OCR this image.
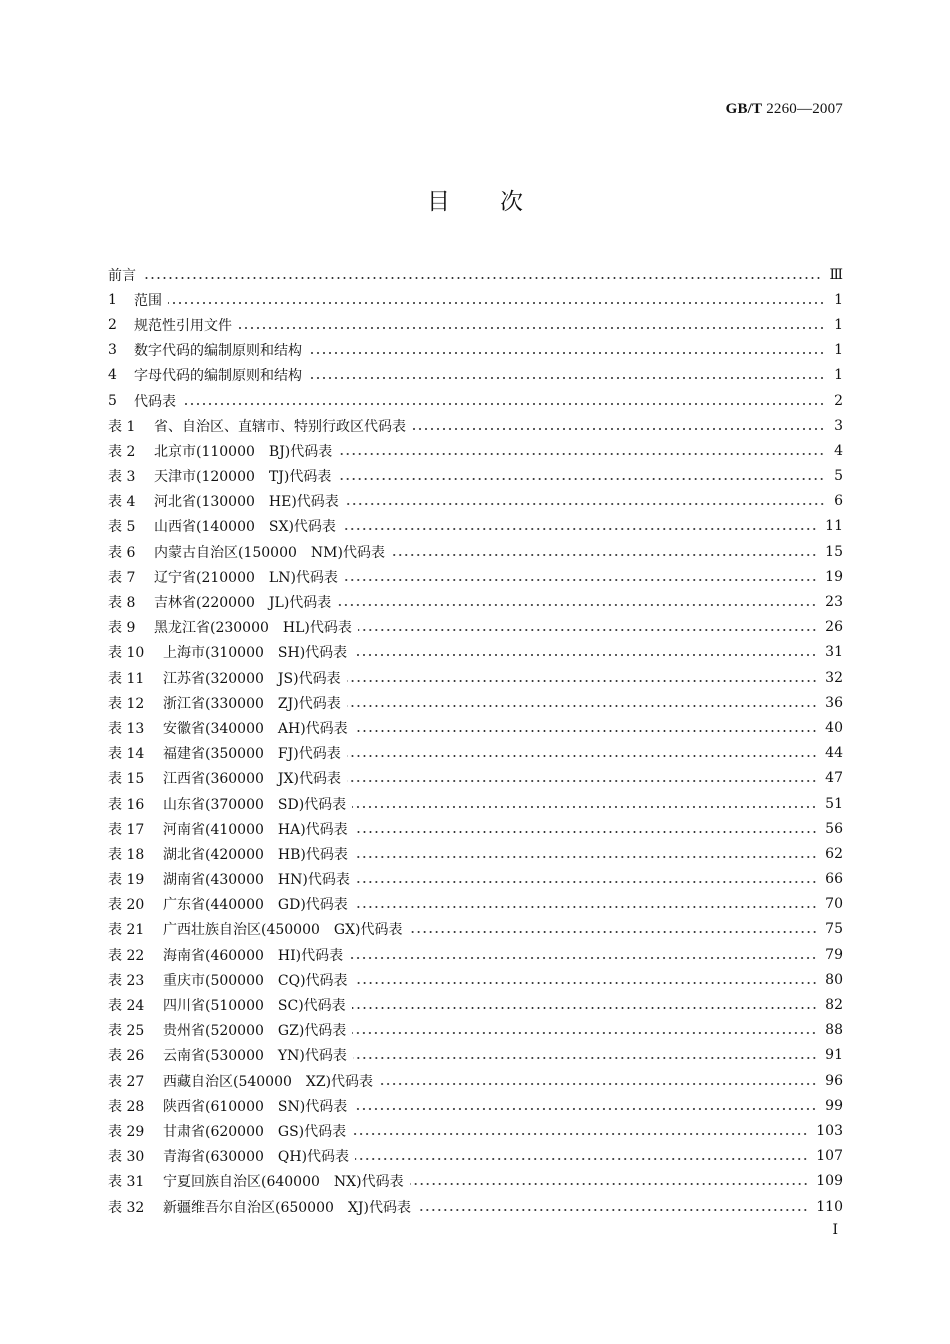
GB/T 2260—2007
目次
前言	Ⅲ
1	范围	1
2	规范性引用文件	1
3	数字代码的编制原则和结构	1
4	字母代码的编制原则和结构	1
5	代码表	2
表 1	省、自治区、直辖市、特别行政区代码表	3
表 2	北京市(110000　BJ)代码表	4
表 3	天津市(120000　TJ)代码表	5
表 4	河北省(130000　HE)代码表	6
表 5	山西省(140000　SX)代码表	11
表 6	内蒙古自治区(150000　NM)代码表	15
表 7	辽宁省(210000　LN)代码表	19
表 8	吉林省(220000　JL)代码表	23
表 9	黑龙江省(230000　HL)代码表	26
表 10	上海市(310000　SH)代码表	31
表 11	江苏省(320000　JS)代码表	32
表 12	浙江省(330000　ZJ)代码表	36
表 13	安徽省(340000　AH)代码表	40
表 14	福建省(350000　FJ)代码表	44
表 15	江西省(360000　JX)代码表	47
表 16	山东省(370000　SD)代码表	51
表 17	河南省(410000　HA)代码表	56
表 18	湖北省(420000　HB)代码表	62
表 19	湖南省(430000　HN)代码表	66
表 20	广东省(440000　GD)代码表	70
表 21	广西壮族自治区(450000　GX)代码表	75
表 22	海南省(460000　HI)代码表	79
表 23	重庆市(500000　CQ)代码表	80
表 24	四川省(510000　SC)代码表	82
表 25	贵州省(520000　GZ)代码表	88
表 26	云南省(530000　YN)代码表	91
表 27	西藏自治区(540000　XZ)代码表	96
表 28	陕西省(610000　SN)代码表	99
表 29	甘肃省(620000　GS)代码表	103
表 30	青海省(630000　QH)代码表	107
表 31	宁夏回族自治区(640000　NX)代码表	109
表 32	新疆维吾尔自治区(650000　XJ)代码表	110
Ⅰ
